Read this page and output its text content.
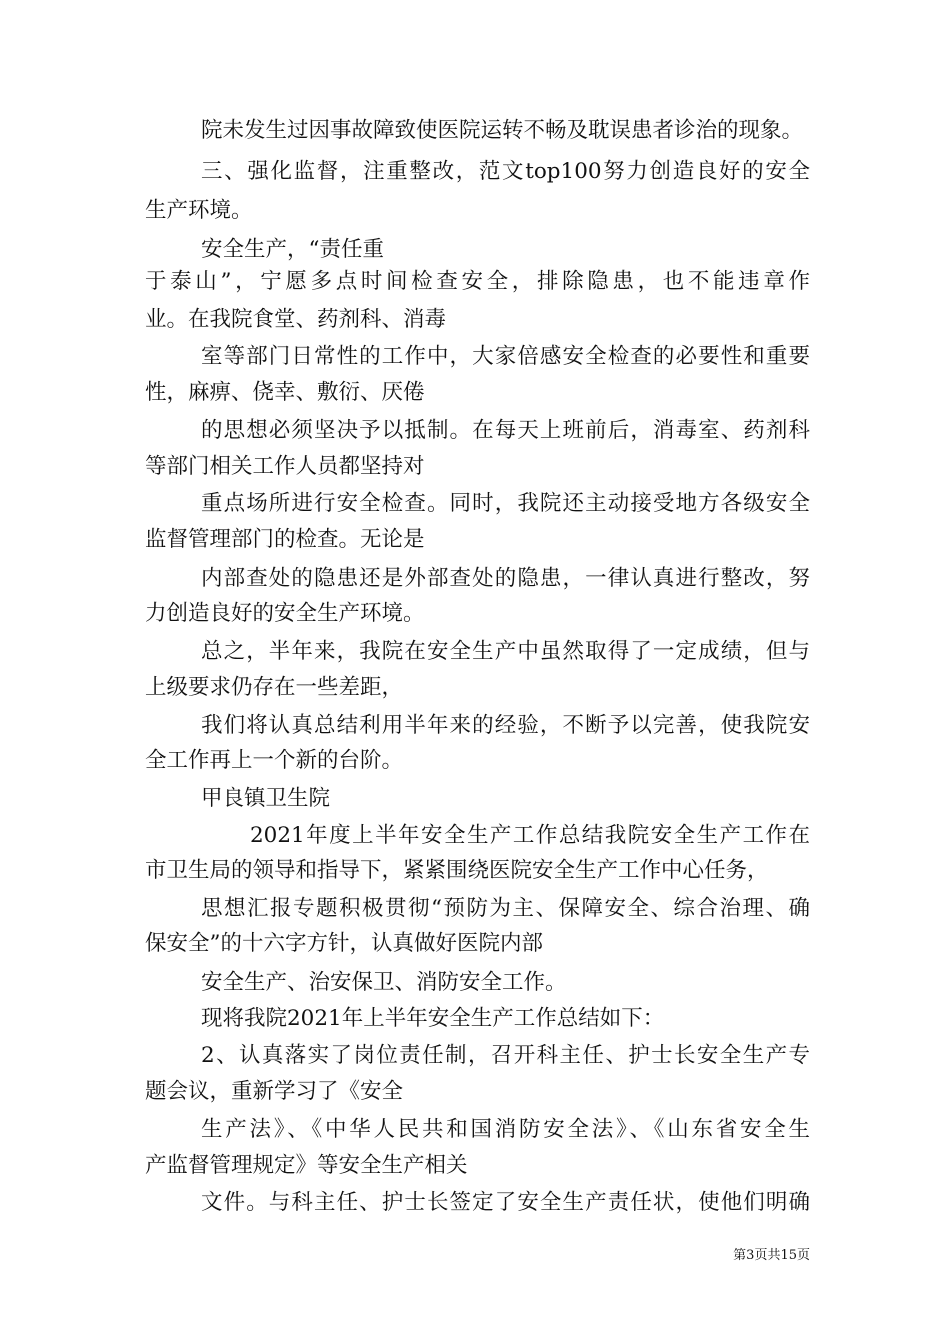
院未发生过因事故障致使医院运转不畅及耽误患者诊治的现象。
三、强化监督，注重整改，范文top100努力创造良好的安全
生产环境。
安全生产，“责任重
于泰山”，宁愿多点时间检查安全，排除隐患，也不能违章作
业。在我院食堂、药剂科、消毒
室等部门日常性的工作中，大家倍感安全检查的必要性和重要
性，麻痹、侥幸、敷衍、厌倦
的思想必须坚决予以抵制。在每天上班前后，消毒室、药剂科
等部门相关工作人员都坚持对
重点场所进行安全检查。同时，我院还主动接受地方各级安全
监督管理部门的检查。无论是
内部查处的隐患还是外部查处的隐患，一律认真进行整改，努
力创造良好的安全生产环境。
总之，半年来，我院在安全生产中虽然取得了一定成绩，但与
上级要求仍存在一些差距，
我们将认真总结利用半年来的经验，不断予以完善，使我院安
全工作再上一个新的台阶。
甲良镇卫生院
2021年度上半年安全生产工作总结我院安全生产工作在
市卫生局的领导和指导下，紧紧围绕医院安全生产工作中心任务，
思想汇报专题积极贯彻“预防为主、保障安全、综合治理、确
保安全”的十六字方针，认真做好医院内部
安全生产、治安保卫、消防安全工作。
现将我院2021年上半年安全生产工作总结如下：
2、认真落实了岗位责任制，召开科主任、护士长安全生产专
题会议，重新学习了《安全
生产法》、《中华人民共和国消防安全法》、《山东省安全生
产监督管理规定》等安全生产相关
文件。与科主任、护士长签定了安全生产责任状，使他们明确
第3页共15页
